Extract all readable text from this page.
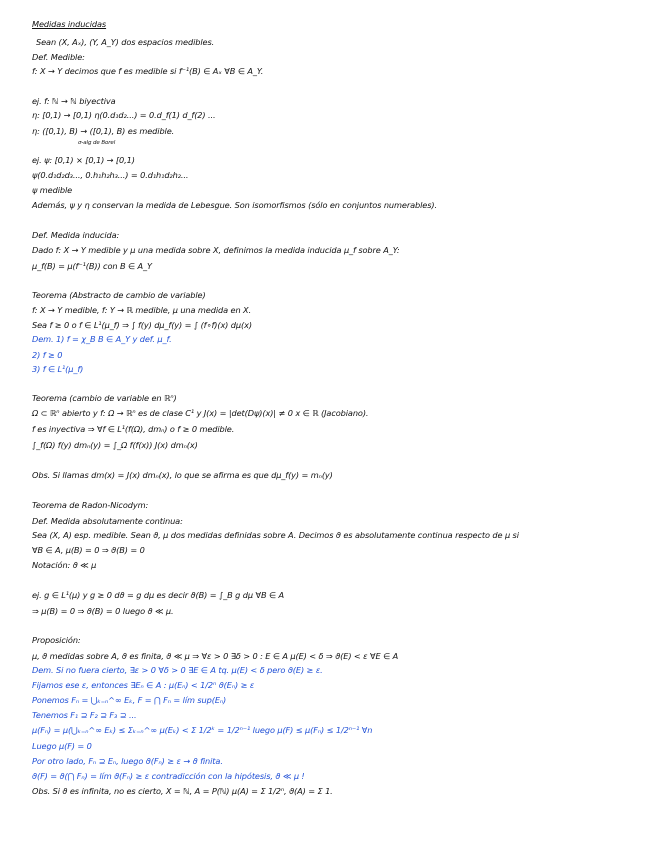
Medidas inducidas
Sean (X, Aₓ), (Y, A_Y) dos espacios medibles.
Def. Medible:
f: X → Y decimos que f es medible si f⁻¹(B) ∈ Aₓ ∀B ∈ A_Y.
ej. f: ℕ → ℕ biyectiva
η: [0,1) → [0,1) η(0.d₁d₂...) = 0.d_f(1) d_f(2) ...
η: ([0,1), B) → ([0,1), B) es medible.
σ-alg de Borel
ej. ψ: [0,1) × [0,1) → [0,1)
ψ(0.d₁d₂d₃..., 0.h₁h₂h₃...) = 0.d₁h₁d₂h₂...
ψ medible
Además, ψ y η conservan la medida de Lebesgue. Son isomorfismos (sólo en conjuntos numerables).
Def. Medida inducida:
Dado f: X → Y medible y μ una medida sobre X, definimos la medida inducida μ_f sobre A_Y:
μ_f(B) = μ(f⁻¹(B)) con B ∈ A_Y
Teorema (Abstracto de cambio de variable)
f: X → Y medible, f: Y → ℝ medible, μ una medida en X.
Sea f ≥ 0 o f ∈ L¹(μ_f) ⇒ ∫ f(y) dμ_f(y) = ∫ (f∘f)(x) dμ(x)
Dem. 1) f = χ_B B ∈ A_Y y def. μ_f.
2) f ≥ 0
3) f ∈ L¹(μ_f)
Teorema (cambio de variable en ℝⁿ)
Ω ⊂ ℝⁿ abierto y f: Ω → ℝⁿ es de clase C¹ y J(x) = |det(Dψ)(x)| ≠ 0 x ∈ ℝ (Jacobiano).
f es inyectiva ⇒ ∀f ∈ L¹(f(Ω), dmₙ) o f ≥ 0 medible.
∫_f(Ω) f(y) dmₙ(y) = ∫_Ω f(f(x)) J(x) dmₙ(x)
Obs. Si llamas dm(x) = J(x) dmₙ(x), lo que se afirma es que dμ_f(y) = mₙ(y)
Teorema de Radon-Nicodym:
Def. Medida absolutamente continua:
Sea (X, A) esp. medible. Sean ϑ, μ dos medidas definidas sobre A. Decimos ϑ es absolutamente continua respecto de μ si
∀B ∈ A, μ(B) = 0 ⇒ ϑ(B) = 0
Notación: ϑ ≪ μ
ej. g ∈ L¹(μ) y g ≥ 0 dϑ = g dμ es decir ϑ(B) = ∫_B g dμ ∀B ∈ A
⇒ μ(B) = 0 ⇒ ϑ(B) = 0 luego ϑ ≪ μ.
Proposición:
μ, ϑ medidas sobre A, ϑ es finita, ϑ ≪ μ ⇒ ∀ε > 0 ∃δ > 0 : E ∈ A μ(E) < δ ⇒ ϑ(E) < ε ∀E ∈ A
Dem. Si no fuera cierto, ∃ε > 0 ∀δ > 0 ∃E ∈ A tq. μ(E) < δ pero ϑ(E) ≥ ε.
Fijamos ese ε, entonces ∃Eₙ ∈ A : μ(Eₙ) < 1/2ⁿ ϑ(Eₙ) ≥ ε
Ponemos Fₙ = ⋃ₖ₌ₙ^∞ Eₖ, F = ⋂ Fₙ = lím sup(Eₙ)
Tenemos F₁ ⊇ F₂ ⊇ F₃ ⊇ ...
μ(Fₙ) = μ(⋃ₖ₌ₙ^∞ Eₖ) ≤ Σₖ₌ₙ^∞ μ(Eₖ) < Σ 1/2ᵏ = 1/2ⁿ⁻¹ luego μ(F) ≤ μ(Fₙ) ≤ 1/2ⁿ⁻¹ ∀n
Luego μ(F) = 0
Por otro lado, Fₙ ⊇ Eₙ, luego ϑ(Fₙ) ≥ ε → ϑ finita.
ϑ(F) = ϑ(⋂ Fₙ) = lím ϑ(Fₙ) ≥ ε contradicción con la hipótesis, ϑ ≪ μ !
Obs. Si ϑ es infinita, no es cierto, X = ℕ, A = P(ℕ) μ(A) = Σ 1/2ⁿ, ϑ(A) = Σ 1.
